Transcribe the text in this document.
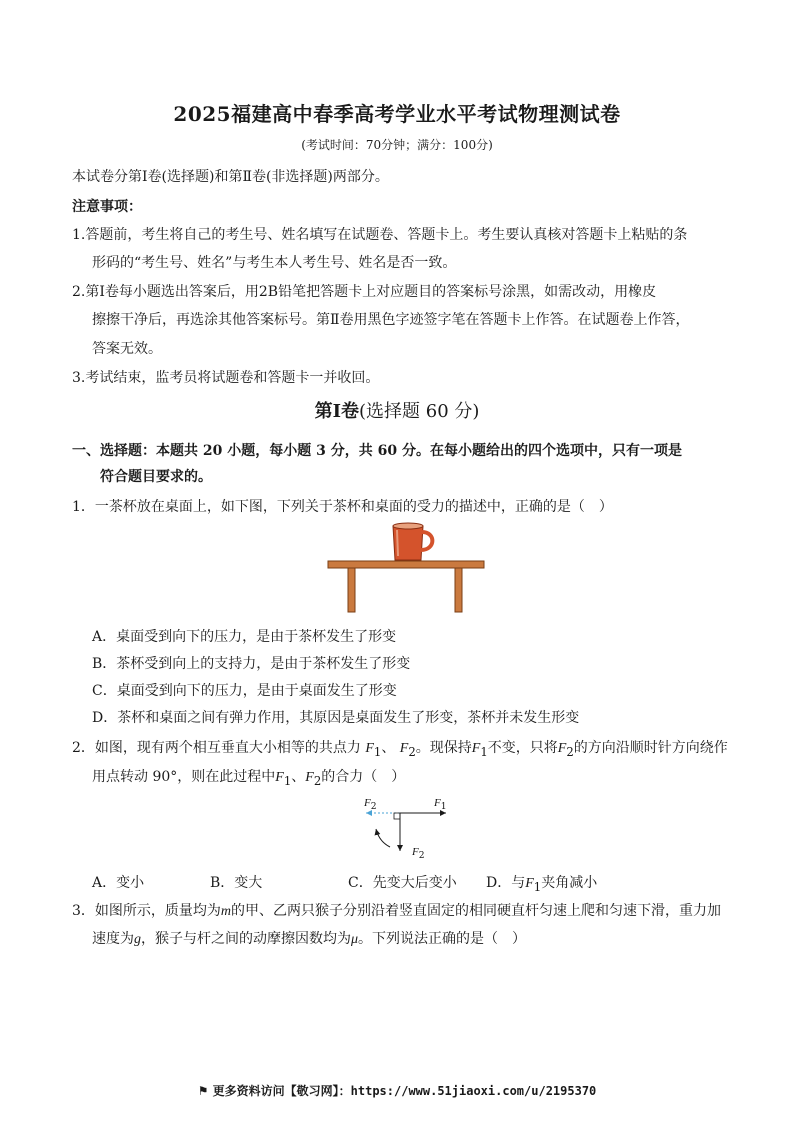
2025福建高中春季高考学业水平考试物理测试卷
(考试时间：70分钟；满分：100分)
本试卷分第Ⅰ卷(选择题)和第Ⅱ卷(非选择题)两部分。
注意事项：
1.答题前，考生将自己的考生号、姓名填写在试题卷、答题卡上。考生要认真核对答题卡上粘贴的条
形码的“考生号、姓名”与考生本人考生号、姓名是否一致。
2.第Ⅰ卷每小题选出答案后，用2B铅笔把答题卡上对应题目的答案标号涂黑，如需改动，用橡皮
擦擦干净后，再选涂其他答案标号。第Ⅱ卷用黑色字迹签字笔在答题卡上作答。在试题卷上作答，
答案无效。
3.考试结束，监考员将试题卷和答题卡一并收回。
第Ⅰ卷(选择题 60 分)
一、选择题：本题共 20 小题，每小题 3 分，共 60 分。在每小题给出的四个选项中，只有一项是
符合题目要求的。
1．一茶杯放在桌面上，如下图，下列关于茶杯和桌面的受力的描述中，正确的是（　）
A．桌面受到向下的压力，是由于茶杯发生了形变
B．茶杯受到向上的支持力，是由于茶杯发生了形变
C．桌面受到向下的压力，是由于桌面发生了形变
D．茶杯和桌面之间有弹力作用，其原因是桌面发生了形变，茶杯并未发生形变
2．如图，现有两个相互垂直大小相等的共点力 $F_1$、 $F_2$。现保持$F_1$不变，只将$F_2$的方向沿顺时针方向绕作
用点转动 90°，则在此过程中$F_1$、$F_2$的合力（　）
$F_2$	$F_1$
$F_2$
A．变小	B．变大	C．先变大后变小 D．与$F_1$夹角减小
3．如图所示，质量均为m的甲、乙两只猴子分别沿着竖直固定的相同硬直杆匀速上爬和匀速下滑，重力加
速度为g，猴子与杆之间的动摩擦因数均为μ。下列说法正确的是（　）
⚑ 更多资料访问【敬习网】：https://www.51jiaoxi.com/u/2195370
